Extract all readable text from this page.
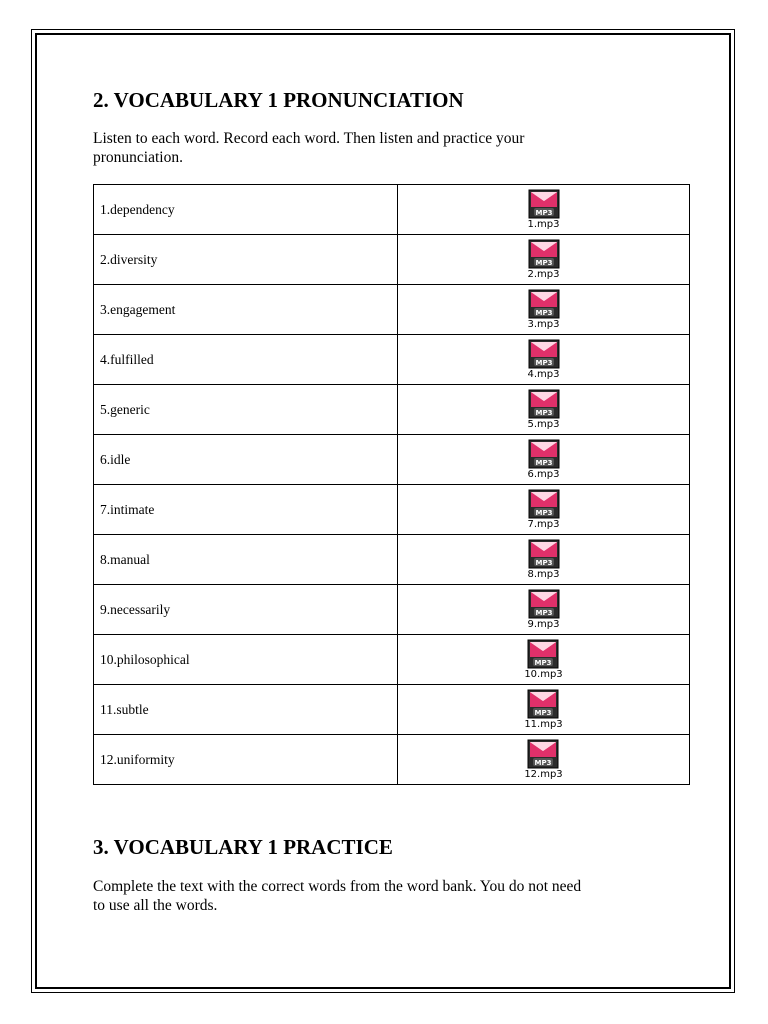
2. VOCABULARY 1 PRONUNCIATION

Listen to each word. Record each word. Then listen and practice your
pronunciation.

1.dependency	MP3
1.mp3

2.diversity	MP3
2.mp3

3.engagement	MP3
3.mp3

4.fulfilled	MP3
4.mp3

5.generic	MP3
5.mp3

6.idle	MP3
6.mp3

7.intimate	MP3
7.mp3

8.manual	MP3
8.mp3

9.necessarily	MP3
9.mp3

10.philosophical	MP3
10.mp3

11.subtle	MP3
11.mp3

12.uniformity	MP3
12.mp3
3. VOCABULARY 1 PRACTICE

Complete the text with the correct words from the word bank. You do not need
to use all the words.
